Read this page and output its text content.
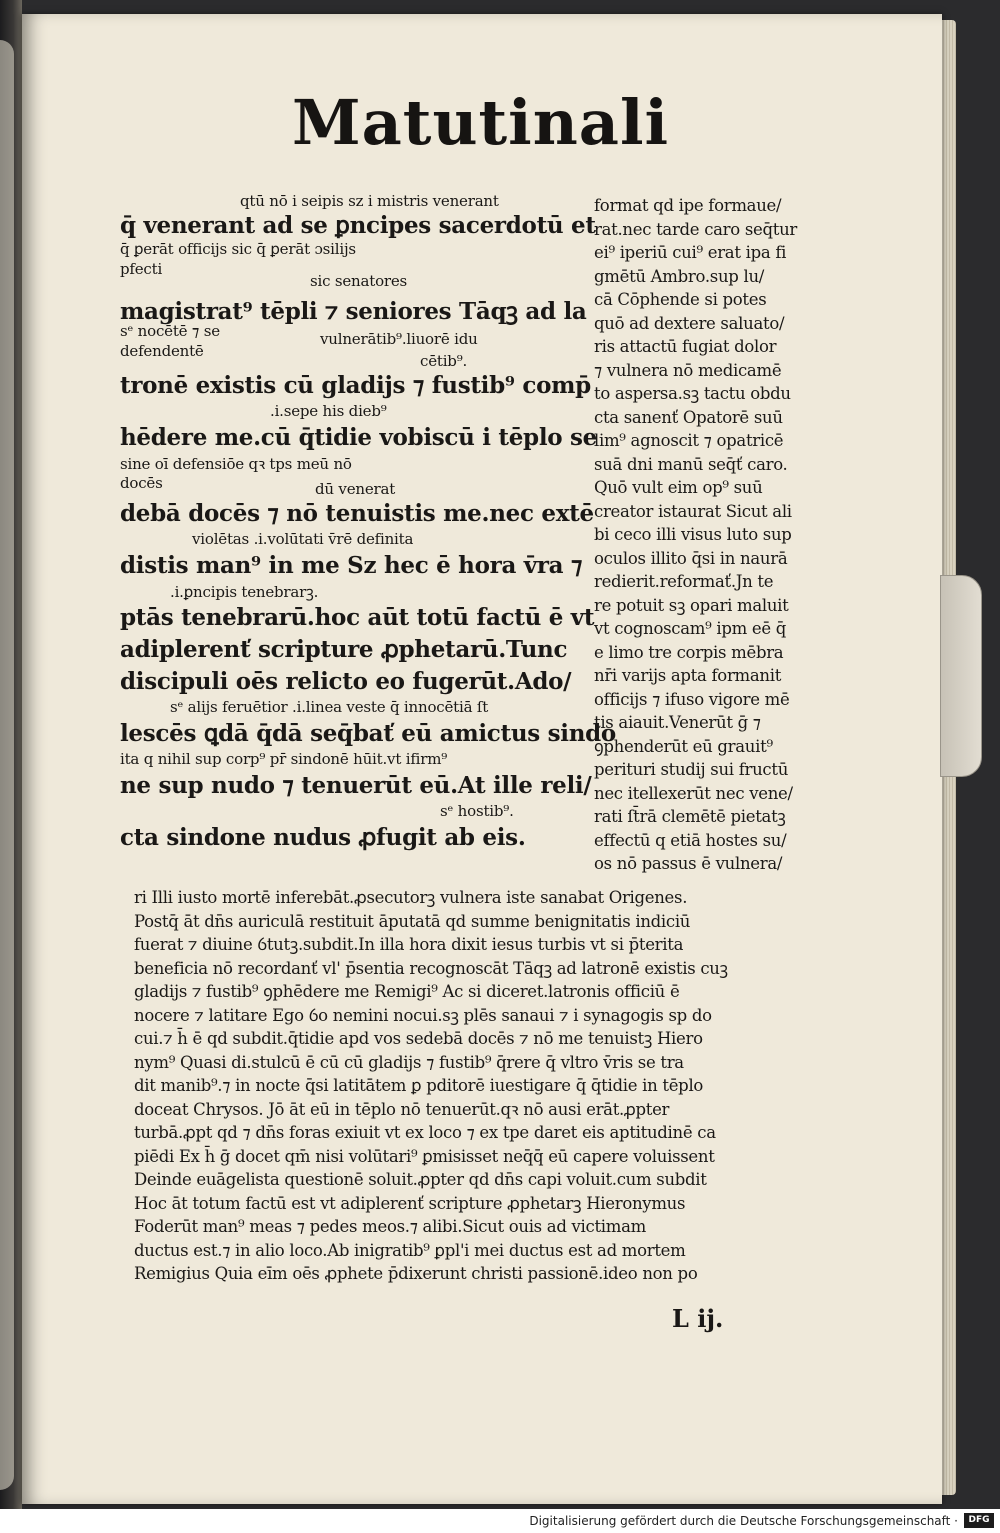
Matutinali
qtū nō i seipis sz i mistris venerant
q̄ venerant ad se ꝑncipes sacerdotū et
q̄ ꝑerāt officijs sic q̄ ꝑerāt ɔsilijs
pfecti
sic senatores
magistrat⁹ tēpli ⁊ seniores Tāqꝫ ad la
sᵉ nocētē ⁊ se	vulnerātib⁹.liuorē idu
defendentē
cētib⁹.
tronē existis cū gladijs ⁊ fustib⁹ comp̄
.i.sepe his dieb⁹
hēdere me.cū q̄tidie vobiscū i tēplo se
sine oī defensiōe qꝛ tps meū nō
docēs	dū venerat
debā docēs ⁊ nō tenuistis me.nec extē
violētas .i.volūtati v̄rē definita
distis man⁹ in me Sz hec ē hora v̄ra ⁊
.i.ꝑncipis tenebrarꝫ.
ptās tenebrarū.hoc aūt totū factū ē vt
adiplerenť scripture ꝓphetarū.Tunc
discipuli oēs relicto eo fugerūt.Ado/
sᵉ alijs feruētior .i.linea veste q̄ innocētiā ſt
lescēs ꝗdā q̄dā seq̄bať eū amictus sindo
ita q nihil sup corp⁹ pr̄ sindonē hūit.vt ifirm⁹
ne sup nudo ⁊ tenuerūt eū.At ille reli/
sᵉ hostib⁹.
cta sindone nudus ꝓfugit ab eis.
format qd ipe formaue/
rat.nec tarde caro seq̄tur
ei⁹ iperiū cui⁹ erat ipa fi
gmētū Ambro.sup lu/
cā Cōphende si potes
quō ad dextere saluato/
ris attactū fugiat dolor
⁊ vulnera nō medicamē
to aspersa.sꝫ tactu obdu
cta sanenť Opatorē suū
lim⁹ agnoscit ⁊ opatricē
suā dni manū seq̄ť caro.
Quō vult eim op⁹ suū
creator istaurat Sicut ali
bi ceco illi visus luto sup
oculos illito q̄si in naurā
redierit.reformať.Jn te
re potuit sꝫ opari maluit
vt cognoscam⁹ ipm eē q̄
e limo tre corpis mēbra
nr̄i varijs apta formanit
officijs ⁊ ifuso vigore mē
tis aiauit.Venerūt ḡ ⁊
ꝯphenderūt eū grauit⁹
perituri studij sui fructū
nec itellexerūt nec vene/
rati ſt̄rā clemētē pietatꝫ
effectū q etiā hostes su/
os nō passus ē vulnera/
ri Illi iusto mortē inferebāt.ꝓsecutorꝫ vulnera iste sanabat Origenes.
Postq̄ āt dn̄s auriculā restituit āputatā qd summe benignitatis indiciū
fuerat ⁊ diuine ỽtutꝫ.subdit.In illa hora dixit iesus turbis vt si p̄terita
beneficia nō recordanť vl' p̄sentia recognoscāt Tāqꝫ ad latronē existis cuꝫ
gladijs ⁊ fustib⁹ ꝯphēdere me Remigi⁹ Ac si diceret.latronis officiū ē
nocere ⁊ latitare Ego ỽo nemini nocui.sꝫ plēs sanaui ⁊ i synagogis sp do
cui.⁊ h̄ ē qd subdit.q̄tidie apd vos sedebā docēs ⁊ nō me tenuistꝫ Hiero
nym⁹ Quasi di.stulcū ē cū cū gladijs ⁊ fustib⁹ q̄rere q̄ vltro v̄ris se tra
dit manib⁹.⁊ in nocte q̄si latitātem ꝑ pditorē iuestigare q̄ q̄tidie in tēplo
doceat Chrysos. Jō āt eū in tēplo nō tenuerūt.qꝛ nō ausi erāt.ꝓpter
turbā.ꝓpt qd ⁊ dn̄s foras exiuit vt ex loco ⁊ ex tpe daret eis aptitudinē ca
piēdi Ex h̄ ḡ docet qm̄ nisi volūtari⁹ ꝑmisisset neq̄q̄ eū capere voluissent
Deinde euāgelista questionē soluit.ꝓpter qd dn̄s capi voluit.cum subdit
Hoc āt totum factū est vt adiplerenť scripture ꝓphetarꝫ Hieronymus
Foderūt man⁹ meas ⁊ pedes meos.⁊ alibi.Sicut ouis ad victimam
ductus est.⁊ in alio loco.Ab inigratib⁹ ꝑpl'i mei ductus est ad mortem
Remigius Quia eīm oēs ꝓphete p̄dixerunt christi passionē.ideo non po
L ij.
Digitalisierung gefördert durch die Deutsche Forschungsgemeinschaft ·	DFG
